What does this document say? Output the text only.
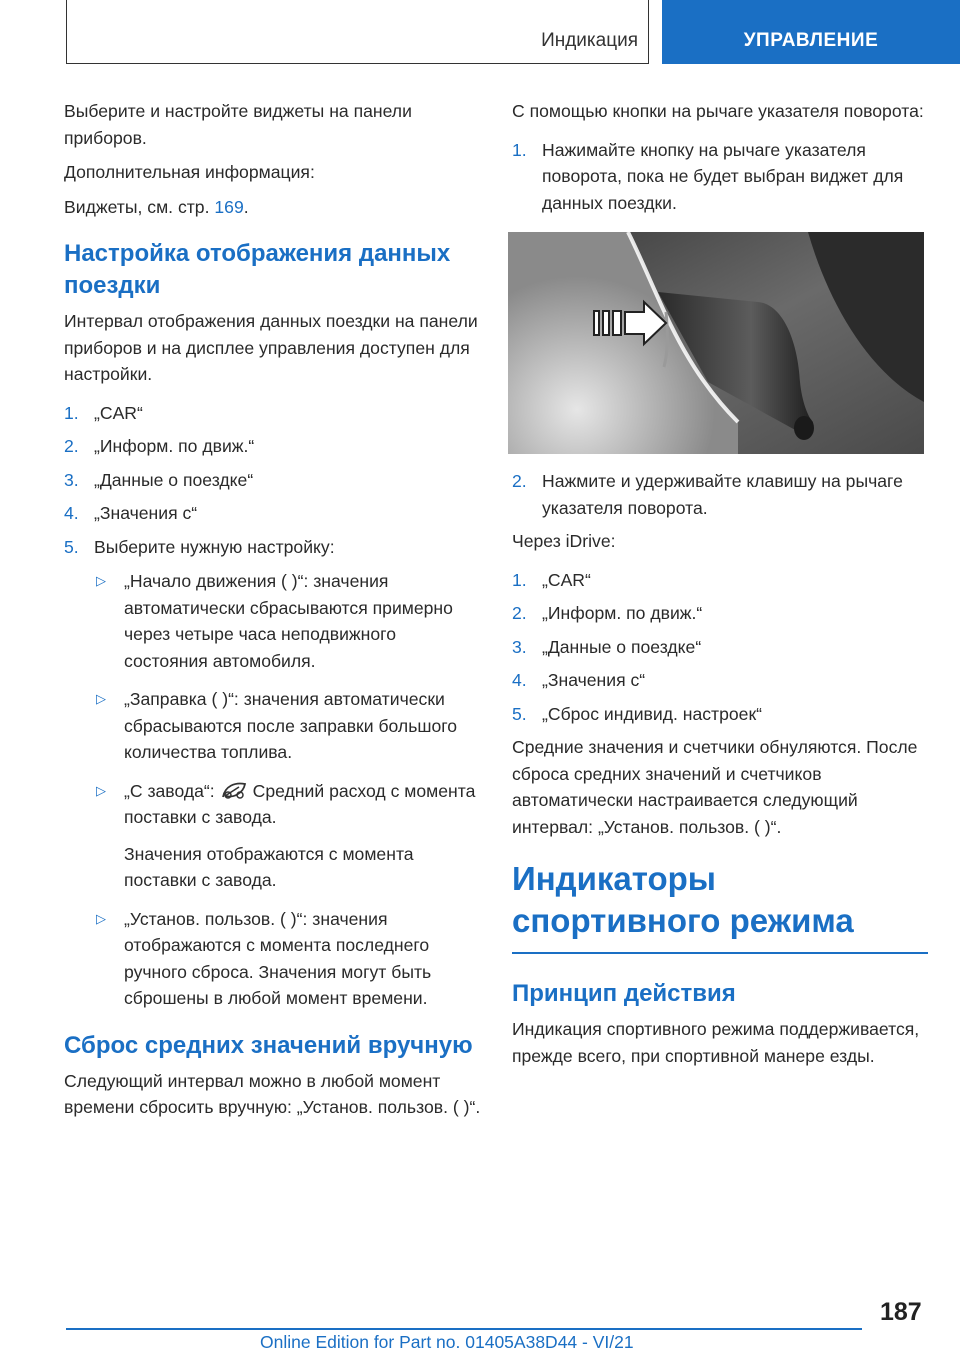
Индикация	УПРАВЛЕНИЕ

Выберите и настройте виджеты на панели приборов.

Дополнительная информация:

Виджеты, см. стр. 169.

Настройка отображения данных поездки

Интервал отображения данных поездки на панели приборов и на дисплее управления доступен для настройки.

1. „CAR“
2. „Информ. по движ.“
3. „Данные о поездке“
4. „Значения с“
5. Выберите нужную настройку:
▷ „Начало движения ( )“: значения автоматически сбрасываются примерно через четыре часа неподвижного состояния автомобиля.
▷ „Заправка ( )“: значения автоматически сбрасываются после заправки большого количества топлива.
▷ „С завода“: Средний расход с момента поставки с завода.
Значения отображаются с момента поставки с завода.
▷ „Установ. пользов. ( )“: значения отображаются с момента последнего ручного сброса. Значения могут быть сброшены в любой момент времени.
Сброс средних значений вручную

Следующий интервал можно в любой момент времени сбросить вручную: „Установ. пользов. ( )“.

С помощью кнопки на рычаге указателя поворота:

1. Нажимайте кнопку на рычаге указателя поворота, пока не будет выбран виджет для данных поездки.
2. Нажмите и удерживайте клавишу на рычаге указателя поворота.

Через iDrive:

1. „CAR“
2. „Информ. по движ.“
3. „Данные о поездке“
4. „Значения с“
5. „Сброс индивид. настроек“

Средние значения и счетчики обнуляются. После сброса средних значений и счетчиков автоматически настраивается следующий интервал: „Установ. пользов. ( )“.

Индикаторы спортивного режима
Принцип действия

Индикация спортивного режима поддерживается, прежде всего, при спортивной манере езды.

187
Online Edition for Part no. 01405A38D44 - VI/21
